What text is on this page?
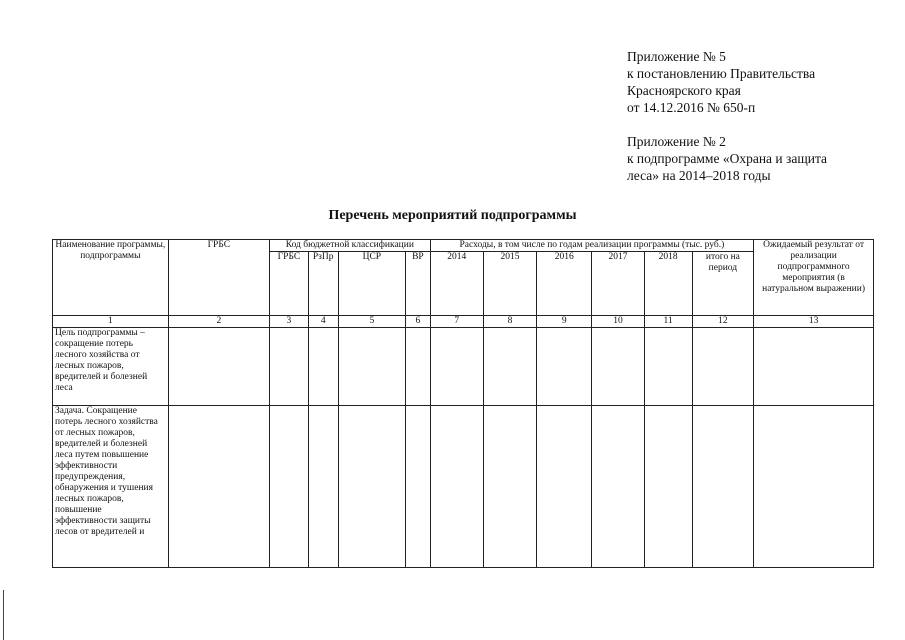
Приложение № 5
к постановлению Правительства
Красноярского края
от 14.12.2016 № 650-п
Приложение № 2
к подпрограмме «Охрана и защита
леса» на 2014–2018 годы
Перечень мероприятий подпрограммы
Наименование программы, подпрограммы	ГРБС	Код бюджетной классификации				Расходы, в том числе по годам реализации программы (тыс. руб.)						Ожидаемый результат от реализации подпрограммного мероприятия (в натуральном выражении)
		ГРБС	РзПр	ЦСР	ВР	2014	2015	2016	2017	2018	итого на период	
1	2	3	4	5	6	7	8	9	10	11	12	13
Цель подпрограммы – сокращение потерь лесного хозяйства от лесных пожаров, вредителей и болезней леса												
Задача. Сокращение потерь лесного хозяйства от лесных пожаров, вредителей и болезней леса путем повышение эффективности предупреждения, обнаружения и тушения лесных пожаров, повышение эффективности защиты лесов от вредителей и												
